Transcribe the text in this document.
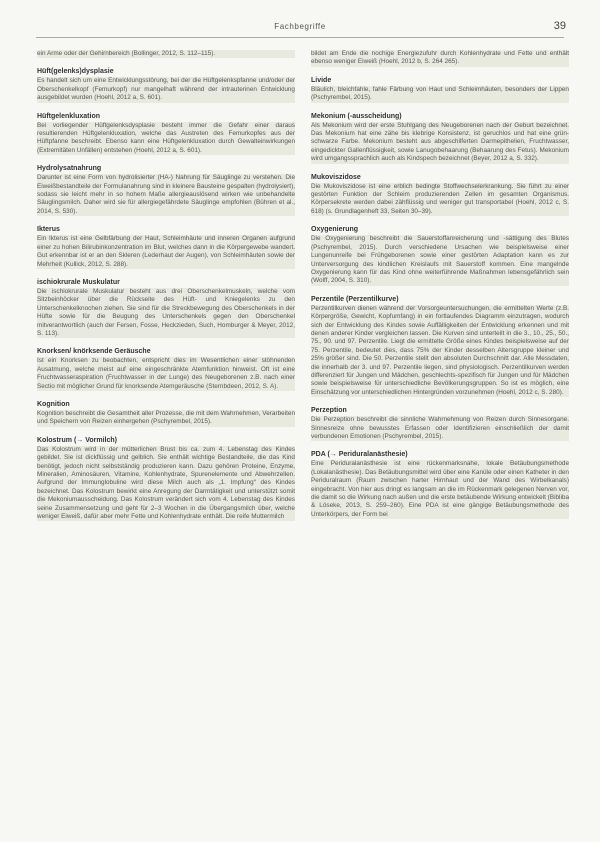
Fachbegriffe	39

ein Arme oder der Gehirnbereich (Bollinger, 2012, S. 112–115).

Hüft(gelenks)dysplasie

Es handelt sich um eine Entwicklungsstörung, bei der die Hüftgelenkspfanne und/oder der Oberschenkelkopf (Femurkopf) nur mangelhaft während der intrauterinen Entwicklung ausgebildet wurden (Hoehl, 2012 a, S. 601).

Hüftgelenkluxation

Bei vorliegender Hüftgelenksdysplasie besteht immer die Gefahr einer daraus resultierenden Hüftgelenkluxation, welche das Austreten des Femurkopfes aus der Hüftpfanne beschreibt. Ebenso kann eine Hüftgelenkluxation durch Gewalteinwirkungen (Extremitäten Unfällen) entstehen (Hoehl, 2012 a, S. 601).

Hydrolysatnahrung

Darunter ist eine Form von hydrolisierter (HA-) Nahrung für Säuglinge zu verstehen. Die Eiweißbestandteile der Formulanahrung sind in kleinere Bausteine gespalten (hydrolysiert), sodass sie leicht mehr in so hohem Maße allergieauslösend wirken wie unbehandelte Säuglingsmilch. Daher wird sie für allergiegefährdete Säuglinge empfohlen (Bühren et al., 2014, S. 530).

Ikterus

Ein Ikterus ist eine Gelbfärbung der Haut, Schleimhäute und inneren Organen aufgrund einer zu hohen Bilirubinkonzentration im Blut, welches dann in die Körpergewebe wandert. Gut erkennbar ist er an den Skleren (Lederhaut der Augen), von Schleimhäuten sowie der Mehrheit (Kullick, 2012, S. 288).

ischiokrurale Muskulatur

Die ischiokrurale Muskulatur besteht aus drei Oberschenkelmuskeln, welche vom Sitzbeinhöcker über die Rückseite des Hüft- und Kniegelenks zu den Unterschenkelknochen ziehen. Sie sind für die Streckbewegung des Oberschenkels in der Hüfte sowie für die Beugung des Unterschenkels gegen den Oberschenkel mitverantwortlich (auch der Fersen, Fosse, Heckzieden, Such, Homburger & Meyer, 2012, S. 113).

Knorksen/ knörksende Geräusche

Ist ein Knorksen zu beobachten, entspricht dies im Wesentlichen einer stöhnenden Ausatmung, welche meist auf eine eingeschränkte Atemfunktion hinweist. Oft ist eine Fruchtwasseraspiration (Fruchtwasser in der Lunge) des Neugeborenen z.B. nach einer Sectio mit möglicher Grund für knorksende Atemgeräusche (Sternbdeen, 2012, S. A).

Kognition

Kognition beschreibt die Gesamtheit aller Prozesse, die mit dem Wahrnehmen, Verarbeiten und Speichern von Reizen einhergehen (Pschyrembel, 2015).

Kolostrum (→ Vormilch)

Das Kolostrum wird in der mütterlichen Brust bis ca. zum 4. Lebenstag des Kindes gebildet. Sie ist dickflüssig und gelblich. Sie enthält wichtige Bestandteile, die das Kind benötigt, jedoch nicht selbstständig produzieren kann. Dazu gehören Proteine, Enzyme, Mineralien, Aminosäuren, Vitamine, Kohlenhydrate, Spurenelemente und Abwehrzellen. Aufgrund der Immunglobuline wird diese Milch auch als „1. Impfung“ des Kindes bezeichnet. Das Kolostrum bewirkt eine Anregung der Darmtätigkeit und unterstützt somit die Mekoniumausscheidung. Das Kolostrum verändert sich vom 4. Lebenstag des Kindes seine Zusammensetzung und geht für 2–3 Wochen in die Übergangsmilch über, welche weniger Eiweiß, dafür aber mehr Fette und Kohlenhydrate enthält. Die reife Muttermilch

bildet am Ende die nochige Energiezufuhr durch Kohlenhydrate und Fette und enthält ebenso weniger Eiweiß (Hoehl, 2012 b, S. 264 265).

Livide

Bläulich, bleichfahle, fahle Färbung von Haut und Schleimhäuten, besonders der Lippen (Pschyrembel, 2015).

Mekonium (-ausscheidung)

Als Mekonium wird der erste Stuhlgang des Neugeborenen nach der Geburt bezeichnet. Das Mekonium hat eine zähe bis klebrige Konsistenz, ist geruchlos und hat eine grün-schwarze Farbe. Mekonium besteht aus abgeschilferten Darmepithelien, Fruchtwasser, eingedickter Gallenflüssigkeit, sowie Lanugobehaarung (Behaarung des Fetus). Mekonium wird umgangssprachlich auch als Kindspech bezeichnet (Beyer, 2012 a, S. 332).

Mukoviszidose

Die Mukoviszidose ist eine erblich bedingte Stoffwechselerkrankung. Sie führt zu einer gestörten Funktion der Schleim produzierenden Zellen im gesamten Organismus. Körpersekrete werden dabei zähflüssig und weniger gut transportabel (Hoehl, 2012 c, S. 618) (s. Grundlagenheft 33, Seiten 30–39).

Oxygenierung

Die Oxygenierung beschreibt die Sauerstoffanreicherung und -sättigung des Blutes (Pschyrembel, 2015). Durch verschiedene Ursachen wie beispielsweise einer Lungenunreife bei Frühgeborenen sowie einer gestörten Adaptation kann es zur Unterversorgung des kindlichen Kreislaufs mit Sauerstoff kommen. Eine mangelnde Oxygenierung kann für das Kind ohne weiterführende Maßnahmen lebensgefährlich sein (Wolff, 2004, S. 310).

Perzentile (Perzentilkurve)

Perzentilkurven dienen während der Vorsorgeuntersuchungen, die ermittelten Werte (z.B. Körpergröße, Gewicht, Kopfumfang) in ein fortlaufendes Diagramm einzutragen, wodurch sich der Entwicklung des Kindes sowie Auffälligkeiten der Entwicklung erkennen und mit denen anderer Kinder vergleichen lassen. Die Kurven sind unterteilt in die 3., 10., 25., 50., 75., 90. und 97. Perzentile. Liegt die ermittelte Größe eines Kindes beispielsweise auf der 75. Perzentile, bedeutet dies, dass 75% der Kinder desselben Altersgruppe kleiner und 25% größer sind. Die 50. Perzentile stellt den absoluten Durchschnitt dar. Alle Messdaten, die innerhalb der 3. und 97. Perzentile liegen, sind physiologisch. Perzentilkurven werden differenziert für Jungen und Mädchen, geschlechts-spezifisch für Jungen und für Mädchen sowie beispielsweise für unterschiedliche Bevölkerungsgruppen. So ist es möglich, eine Einschätzung vor unterschiedlichen Hintergründen vorzunehmen (Hoehl, 2012 c, S. 280).

Perzeption

Die Perzeption beschreibt die sinnliche Wahrnehmung von Reizen durch Sinnesorgane. Sinnesreize ohne bewusstes Erfassen oder Identifizieren einschließlich der damit verbundenen Emotionen (Pschyrembel, 2015).

PDA (→ Periduralanästhesie)

Eine Periduralanästhesie ist eine rückenmarksnahe, lokale Betäubungsmethode (Lokalanästhesie). Das Betäubungsmittel wird über eine Kanüle oder einen Katheter in den Periduralraum (Raum zwischen harter Hirnhaut und der Wand des Wirbelkanals) eingebracht. Von hier aus dringt es langsam an die im Rückenmark gelegenen Nerven vor, die damit so die Wirkung nach außen und die erste betäubende Wirkung entwickelt (Bibliba & Löseke, 2013, S. 259–260). Eine PDA ist eine gängige Betäubungsmethode des Unterkörpers, der Form bei
